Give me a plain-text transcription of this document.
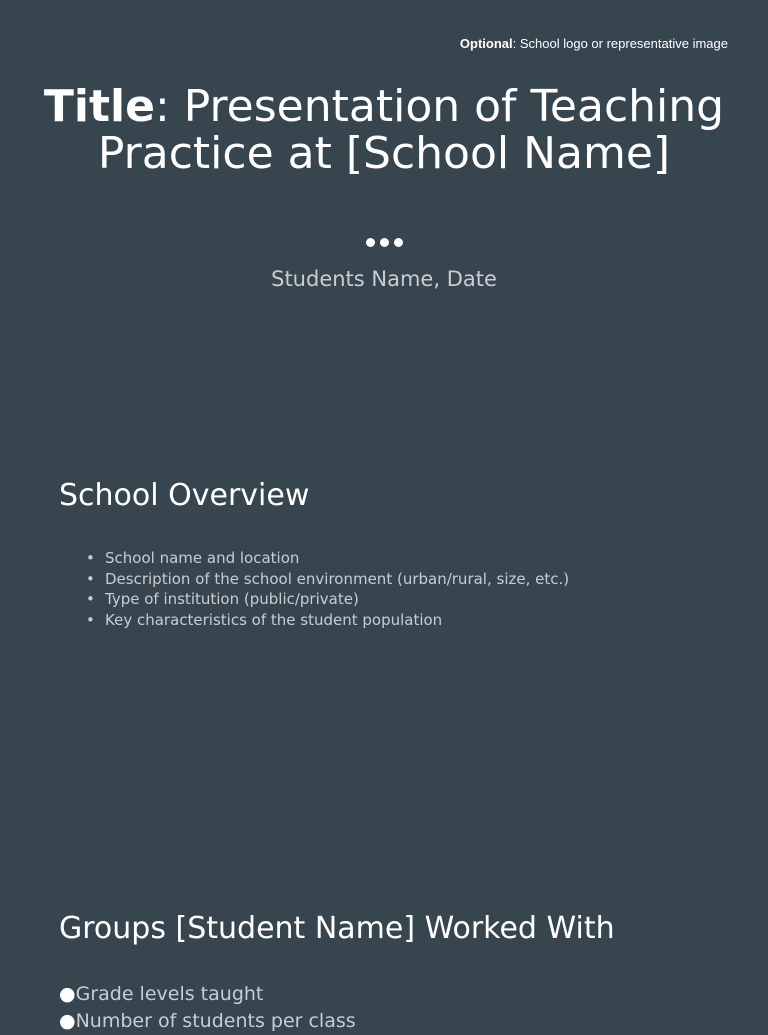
Optional: School logo or representative image
Title: Presentation of Teaching Practice at [School Name]
Students Name, Date
School Overview
• School name and location
• Description of the school environment (urban/rural, size, etc.)
• Type of institution (public/private)
• Key characteristics of the student population
Groups [Student Name] Worked With
●Grade levels taught
●Number of students per class
